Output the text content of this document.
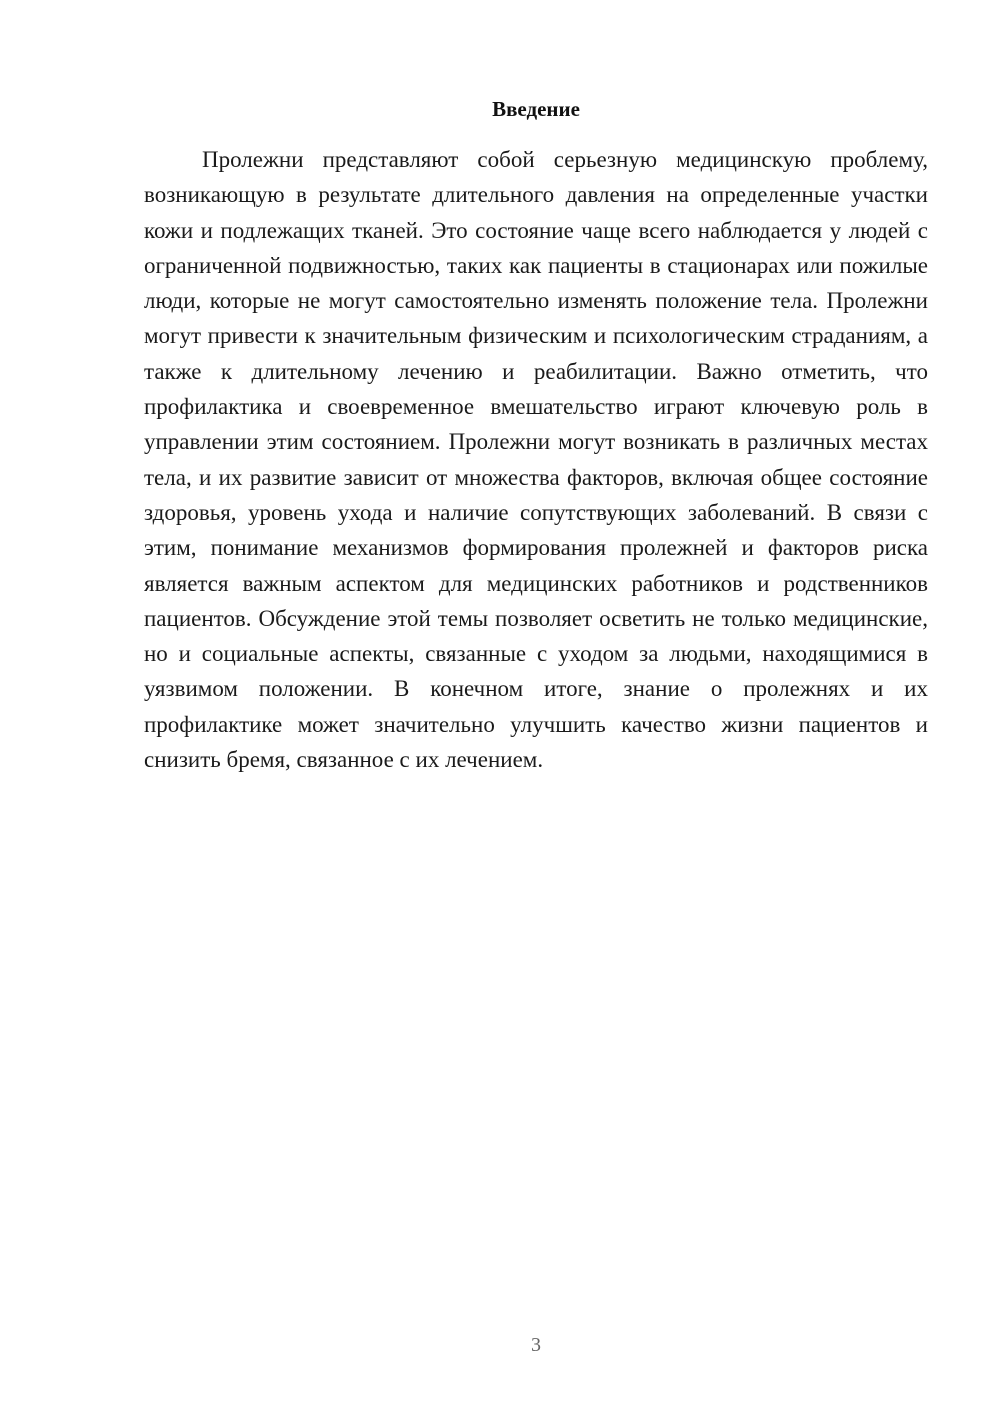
Введение

Пролежни представляют собой серьезную медицинскую проблему, возникающую в результате длительного давления на определенные участки кожи и подлежащих тканей. Это состояние чаще всего наблюдается у людей с ограниченной подвижностью, таких как пациенты в стационарах или пожилые люди, которые не могут самостоятельно изменять положение тела. Пролежни могут привести к значительным физическим и психологическим страданиям, а также к длительному лечению и реабилитации. Важно отметить, что профилактика и своевременное вмешательство играют ключевую роль в управлении этим состоянием. Пролежни могут возникать в различных местах тела, и их развитие зависит от множества факторов, включая общее состояние здоровья, уровень ухода и наличие сопутствующих заболеваний. В связи с этим, понимание механизмов формирования пролежней и факторов риска является важным аспектом для медицинских работников и родственников пациентов. Обсуждение этой темы позволяет осветить не только медицинские, но и социальные аспекты, связанные с уходом за людьми, находящимися в уязвимом положении. В конечном итоге, знание о пролежнях и их профилактике может значительно улучшить качество жизни пациентов и снизить бремя, связанное с их лечением.

3
